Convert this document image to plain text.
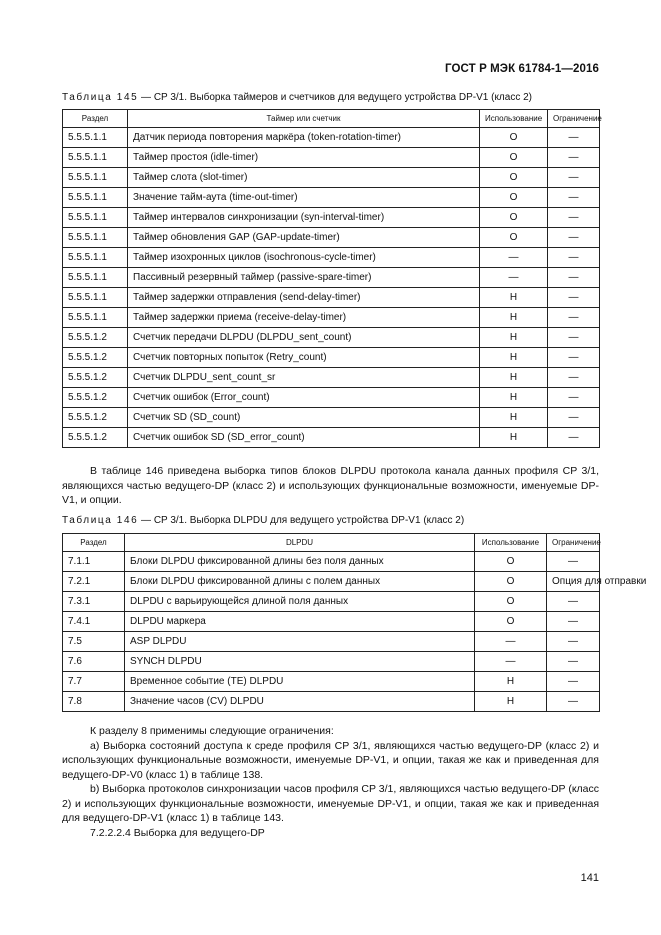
ГОСТ Р МЭК 61784-1—2016
Таблица 145 — CP 3/1. Выборка таймеров и счетчиков для ведущего устройства DP-V1 (класс 2)
Раздел	Таймер или счетчик	Использование	Ограничение
5.5.5.1.1	Датчик периода повторения маркёра (token-rotation-timer)	О	—
5.5.5.1.1	Таймер простоя (idle-timer)	О	—
5.5.5.1.1	Таймер слота (slot-timer)	О	—
5.5.5.1.1	Значение тайм-аута (time-out-timer)	О	—
5.5.5.1.1	Таймер интервалов синхронизации (syn-interval-timer)	О	—
5.5.5.1.1	Таймер обновления GAP (GAP-update-timer)	О	—
5.5.5.1.1	Таймер изохронных циклов (isochronous-cycle-timer)	—	—
5.5.5.1.1	Пассивный резервный таймер (passive-spare-timer)	—	—
5.5.5.1.1	Таймер задержки отправления (send-delay-timer)	Н	—
5.5.5.1.1	Таймер задержки приема (receive-delay-timer)	Н	—
5.5.5.1.2	Счетчик передачи DLPDU (DLPDU_sent_count)	Н	—
5.5.5.1.2	Счетчик повторных попыток (Retry_count)	Н	—
5.5.5.1.2	Счетчик DLPDU_sent_count_sr	Н	—
5.5.5.1.2	Счетчик ошибок (Error_count)	Н	—
5.5.5.1.2	Счетчик SD (SD_count)	Н	—
5.5.5.1.2	Счетчик ошибок SD (SD_error_count)	Н	—

В таблице 146 приведена выборка типов блоков DLPDU протокола канала данных профиля CP 3/1, являющихся частью ведущего-DP (класс 2) и использующих функциональные возможности, именуемые DP-V1, и опции.

Таблица 146 — CP 3/1. Выборка DLPDU для ведущего устройства DP-V1 (класс 2)
Раздел	DLPDU	Использование	Ограничение
7.1.1	Блоки DLPDU фиксированной длины без поля данных	О	—
7.2.1	Блоки DLPDU фиксированной длины с полем данных	О	Опция для отправки
7.3.1	DLPDU с варьирующейся длиной поля данных	О	—
7.4.1	DLPDU маркера	О	—
7.5	ASP DLPDU	—	—
7.6	SYNCH DLPDU	—	—
7.7	Временное событие (TE) DLPDU	Н	—
7.8	Значение часов (CV) DLPDU	Н	—

К разделу 8 применимы следующие ограничения:

а) Выборка состояний доступа к среде профиля CP 3/1, являющихся частью ведущего-DP (класс 2) и использующих функциональные возможности, именуемые DP-V1, и опции, такая же как и приведенная для ведущего-DP-V0 (класс 1) в таблице 138.

b) Выборка протоколов синхронизации часов профиля CP 3/1, являющихся частью ведущего-DP (класс 2) и использующих функциональные возможности, именуемые DP-V1, и опции, такая же как и приведенная для ведущего-DP-V1 (класс 1) в таблице 143.

7.2.2.2.4 Выборка для ведущего-DP

141
